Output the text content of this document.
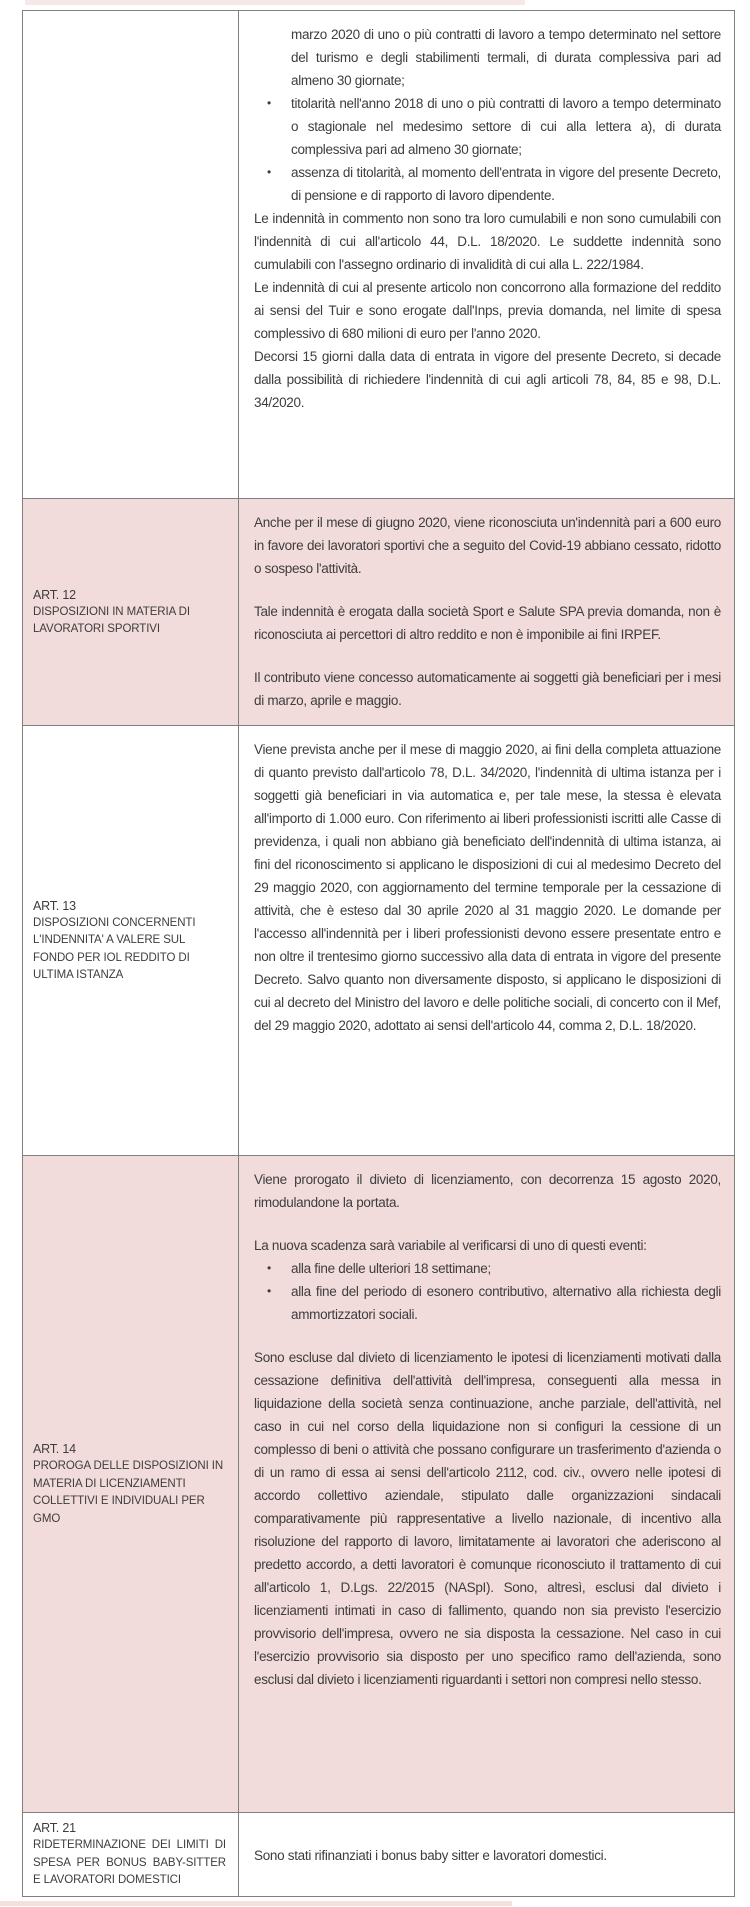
marzo 2020 di uno o più contratti di lavoro a tempo determinato nel settore del turismo e degli stabilimenti termali, di durata complessiva pari ad almeno 30 giornate;
• titolarità nell'anno 2018 di uno o più contratti di lavoro a tempo determinato o stagionale nel medesimo settore di cui alla lettera a), di durata complessiva pari ad almeno 30 giornate;
• assenza di titolarità, al momento dell'entrata in vigore del presente Decreto, di pensione e di rapporto di lavoro dipendente.
Le indennità in commento non sono tra loro cumulabili e non sono cumulabili con l'indennità di cui all'articolo 44, D.L. 18/2020. Le suddette indennità sono cumulabili con l'assegno ordinario di invalidità di cui alla L. 222/1984.
Le indennità di cui al presente articolo non concorrono alla formazione del reddito ai sensi del Tuir e sono erogate dall'Inps, previa domanda, nel limite di spesa complessivo di 680 milioni di euro per l'anno 2020.
Decorsi 15 giorni dalla data di entrata in vigore del presente Decreto, si decade dalla possibilità di richiedere l'indennità di cui agli articoli 78, 84, 85 e 98, D.L. 34/2020.
ART. 12
DISPOSIZIONI IN MATERIA DI LAVORATORI SPORTIVI
Anche per il mese di giugno 2020, viene riconosciuta un'indennità pari a 600 euro in favore dei lavoratori sportivi che a seguito del Covid-19 abbiano cessato, ridotto o sospeso l'attività.
Tale indennità è erogata dalla società Sport e Salute SPA previa domanda, non è riconosciuta ai percettori di altro reddito e non è imponibile ai fini IRPEF.
Il contributo viene concesso automaticamente ai soggetti già beneficiari per i mesi di marzo, aprile e maggio.
ART. 13
DISPOSIZIONI CONCERNENTI L'INDENNITA' A VALERE SUL FONDO PER IOL REDDITO DI ULTIMA ISTANZA
Viene prevista anche per il mese di maggio 2020, ai fini della completa attuazione di quanto previsto dall'articolo 78, D.L. 34/2020, l'indennità di ultima istanza per i soggetti già beneficiari in via automatica e, per tale mese, la stessa è elevata all'importo di 1.000 euro. Con riferimento ai liberi professionisti iscritti alle Casse di previdenza, i quali non abbiano già beneficiato dell'indennità di ultima istanza, ai fini del riconoscimento si applicano le disposizioni di cui al medesimo Decreto del 29 maggio 2020, con aggiornamento del termine temporale per la cessazione di attività, che è esteso dal 30 aprile 2020 al 31 maggio 2020. Le domande per l'accesso all'indennità per i liberi professionisti devono essere presentate entro e non oltre il trentesimo giorno successivo alla data di entrata in vigore del presente Decreto. Salvo quanto non diversamente disposto, si applicano le disposizioni di cui al decreto del Ministro del lavoro e delle politiche sociali, di concerto con il Mef, del 29 maggio 2020, adottato ai sensi dell'articolo 44, comma 2, D.L. 18/2020.
ART. 14
PROROGA DELLE DISPOSIZIONI IN MATERIA DI LICENZIAMENTI COLLETTIVI E INDIVIDUALI PER GMO
Viene prorogato il divieto di licenziamento, con decorrenza 15 agosto 2020, rimodulandone la portata.
La nuova scadenza sarà variabile al verificarsi di uno di questi eventi:
• alla fine delle ulteriori 18 settimane;
• alla fine del periodo di esonero contributivo, alternativo alla richiesta degli ammortizzatori sociali.
Sono escluse dal divieto di licenziamento le ipotesi di licenziamenti motivati dalla cessazione definitiva dell'attività dell'impresa, conseguenti alla messa in liquidazione della società senza continuazione, anche parziale, dell'attività, nel caso in cui nel corso della liquidazione non si configuri la cessione di un complesso di beni o attività che possano configurare un trasferimento d'azienda o di un ramo di essa ai sensi dell'articolo 2112, cod. civ., ovvero nelle ipotesi di accordo collettivo aziendale, stipulato dalle organizzazioni sindacali comparativamente più rappresentative a livello nazionale, di incentivo alla risoluzione del rapporto di lavoro, limitatamente ai lavoratori che aderiscono al predetto accordo, a detti lavoratori è comunque riconosciuto il trattamento di cui all'articolo 1, D.Lgs. 22/2015 (NASpI). Sono, altresì, esclusi dal divieto i licenziamenti intimati in caso di fallimento, quando non sia previsto l'esercizio provvisorio dell'impresa, ovvero ne sia disposta la cessazione. Nel caso in cui l'esercizio provvisorio sia disposto per uno specifico ramo dell'azienda, sono esclusi dal divieto i licenziamenti riguardanti i settori non compresi nello stesso.
ART. 21
RIDETERMINAZIONE DEI LIMITI DI SPESA PER BONUS BABY-SITTER E LAVORATORI DOMESTICI
Sono stati rifinanziati i bonus baby sitter e lavoratori domestici.
